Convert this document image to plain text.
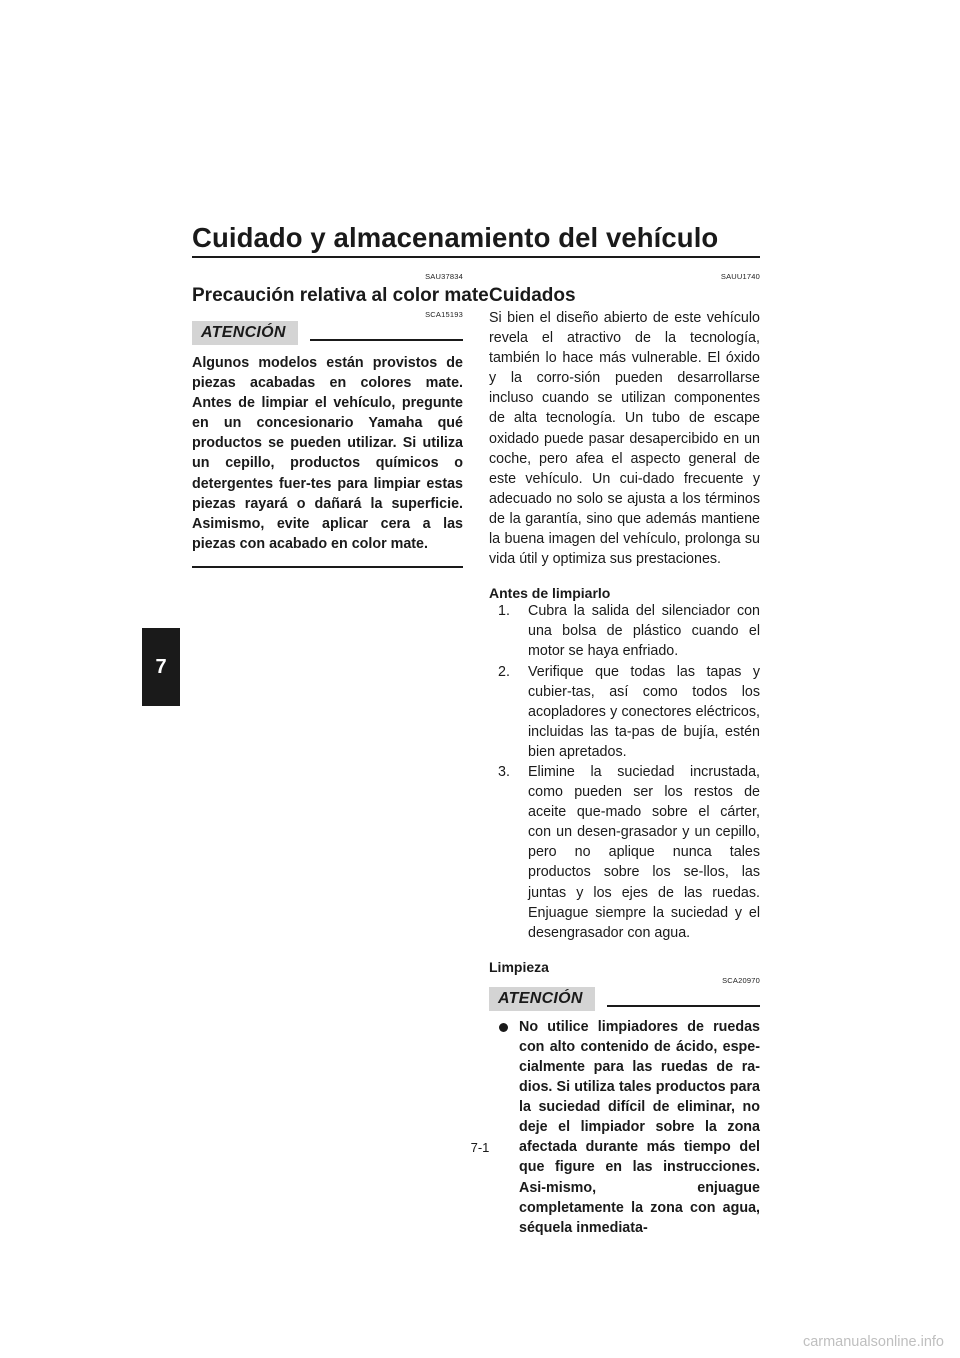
Cuidado y almacenamiento del vehículo
7
SAU37834
Precaución relativa al color mate
SCA15193
ATENCIÓN

Algunos modelos están provistos de piezas acabadas en colores mate. Antes de limpiar el vehículo, pregunte en un concesionario Yamaha qué productos se pueden utilizar. Si utiliza un cepillo, productos químicos o detergentes fuer-tes para limpiar estas piezas rayará o dañará la superficie. Asimismo, evite aplicar cera a las piezas con acabado en color mate.

SAUU1740
Cuidados

Si bien el diseño abierto de este vehículo revela el atractivo de la tecnología, también lo hace más vulnerable. El óxido y la corro-sión pueden desarrollarse incluso cuando se utilizan componentes de alta tecnología. Un tubo de escape oxidado puede pasar desapercibido en un coche, pero afea el aspecto general de este vehículo. Un cui-dado frecuente y adecuado no solo se ajusta a los términos de la garantía, sino que además mantiene la buena imagen del vehículo, prolonga su vida útil y optimiza sus prestaciones.

Antes de limpiarlo
1.	Cubra la salida del silenciador con una bolsa de plástico cuando el motor se haya enfriado.
2.	Verifique que todas las tapas y cubier-tas, así como todos los acopladores y conectores eléctricos, incluidas las ta-pas de bujía, estén bien apretados.
3.	Elimine la suciedad incrustada, como pueden ser los restos de aceite que-mado sobre el cárter, con un desen-grasador y un cepillo, pero no aplique nunca tales productos sobre los se-llos, las juntas y los ejes de las ruedas. Enjuague siempre la suciedad y el desengrasador con agua.
Limpieza
SCA20970
ATENCIÓN

No utilice limpiadores de ruedas con alto contenido de ácido, espe-cialmente para las ruedas de ra-dios. Si utiliza tales productos para la suciedad difícil de eliminar, no deje el limpiador sobre la zona afectada durante más tiempo del que figure en las instrucciones. Asi-mismo, enjuague completamente la zona con agua, séquela inmediata-

7-1
carmanualsonline.info
